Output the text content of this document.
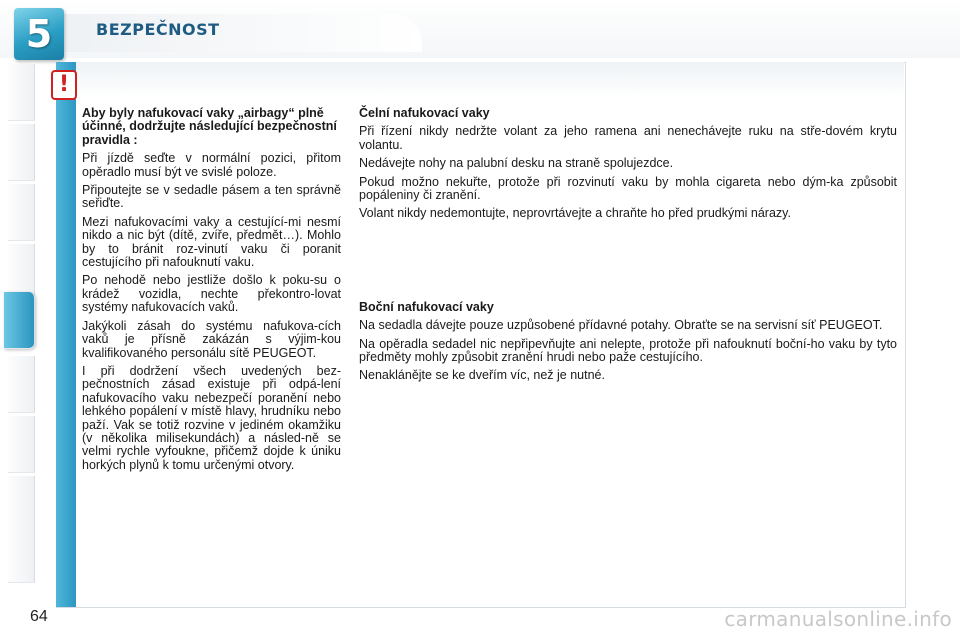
5	BEZPEČNOST
!
Aby byly nafukovací vaky „airbagy“ plně účinné, dodržujte následující bezpečnostní pravidla :

Při jízdě seďte v normální pozici, přitom opěradlo musí být ve svislé poloze.

Připoutejte se v sedadle pásem a ten správně seřiďte.

Mezi nafukovacími vaky a cestující-mi nesmí nikdo a nic být (dítě, zvíře, předmět…). Mohlo by to bránit roz-vinutí vaku či poranit cestujícího při nafouknutí vaku.

Po nehodě nebo jestliže došlo k poku-su o krádež vozidla, nechte překontro-lovat systémy nafukovacích vaků.

Jakýkoli zásah do systému nafukova-cích vaků je přísně zakázán s výjim-kou kvalifikovaného personálu sítě PEUGEOT.

I při dodržení všech uvedených bez-pečnostních zásad existuje při odpá-lení nafukovacího vaku nebezpečí poranění nebo lehkého popálení v místě hlavy, hrudníku nebo paží. Vak se totiž rozvine v jediném okamžiku (v několika milisekundách) a násled-ně se velmi rychle vyfoukne, přičemž dojde k úniku horkých plynů k tomu určenými otvory.

Čelní nafukovací vaky

Při řízení nikdy nedržte volant za jeho ramena ani nenechávejte ruku na stře-dovém krytu volantu.

Nedávejte nohy na palubní desku na straně spolujezdce.

Pokud možno nekuřte, protože při rozvinutí vaku by mohla cigareta nebo dým-ka způsobit popáleniny či zranění.

Volant nikdy nedemontujte, neprovrtávejte a chraňte ho před prudkými nárazy.

Boční nafukovací vaky

Na sedadla dávejte pouze uzpůsobené přídavné potahy. Obraťte se na servisní síť PEUGEOT.

Na opěradla sedadel nic nepřipevňujte ani nelepte, protože při nafouknutí boční-ho vaku by tyto předměty mohly způsobit zranění hrudi nebo paže cestujícího.

Nenaklánějte se ke dveřím víc, než je nutné.

64	carmanualsonline.info
